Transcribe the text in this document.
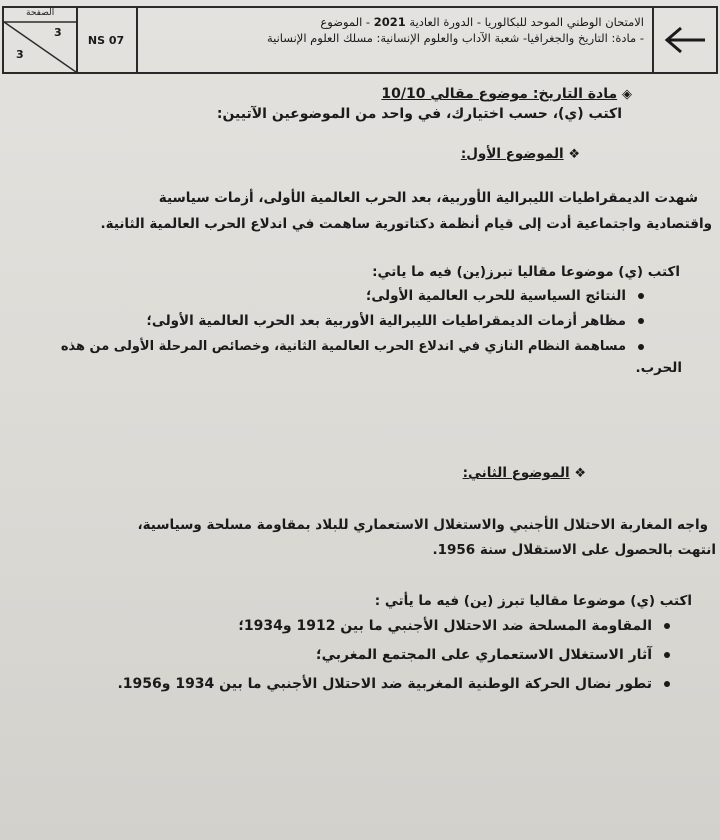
الصفحة
3
3
NS 07
الامتحان الوطني الموحد للبكالوريا - الدورة العادية 2021 - الموضوع
- مادة: التاريخ والجغرافيا- شعبة الآداب والعلوم الإنسانية: مسلك العلوم الإنسانية
◈ مادة التاريخ: موضوع مقالي 10/10
اكتب (ي)، حسب اختيارك، في واحد من الموضوعين الآتيين:
❖ الموضوع الأول:
شهدت الديمقراطيات الليبرالية الأوربية، بعد الحرب العالمية الأولى، أزمات سياسية
واقتصادية واجتماعية أدت إلى قيام أنظمة دكتاتورية ساهمت في اندلاع الحرب العالمية الثانية.
اكتب (ي) موضوعا مقاليا تبرز(ين) فيه ما ياتي:
النتائج السياسية للحرب العالمية الأولى؛
مظاهر أزمات الديمقراطيات الليبرالية الأوربية بعد الحرب العالمية الأولى؛
مساهمة النظام النازي في اندلاع الحرب العالمية الثانية، وخصائص المرحلة الأولى من هذه
الحرب.
❖ الموضوع الثاني:
واجه المغاربة الاحتلال الأجنبي والاستغلال الاستعماري للبلاد بمقاومة مسلحة وسياسية،
انتهت بالحصول على الاستقلال سنة 1956.
اكتب (ي) موضوعا مقاليا تبرز (ين) فيه ما يأتي :
المقاومة المسلحة ضد الاحتلال الأجنبي ما بين 1912 و1934؛
آثار الاستغلال الاستعماري على المجتمع المغربي؛
تطور نضال الحركة الوطنية المغربية ضد الاحتلال الأجنبي ما بين 1934 و1956.
